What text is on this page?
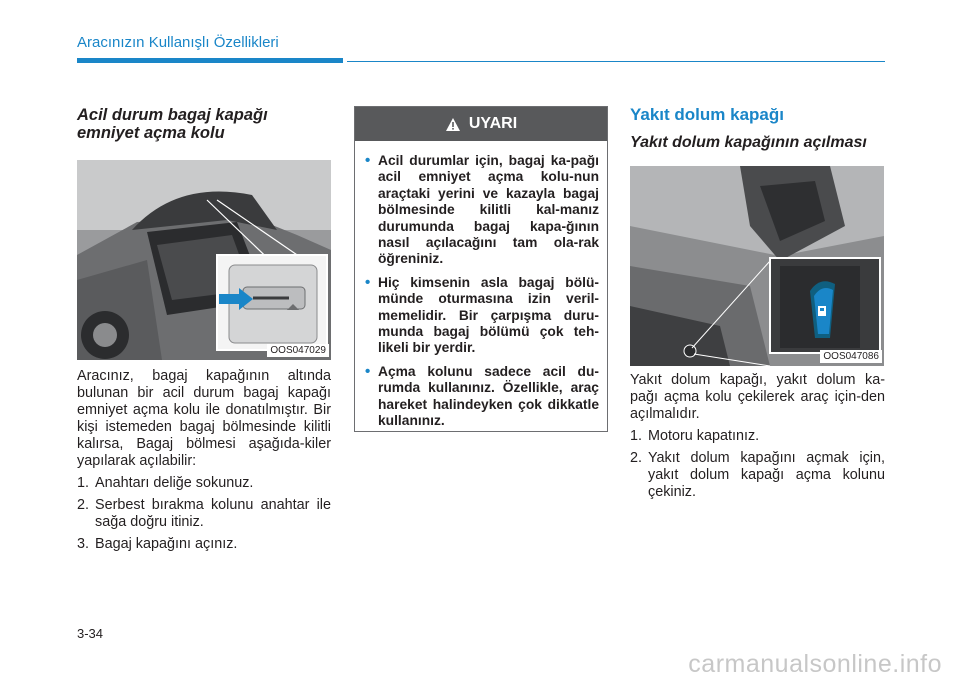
Aracınızın Kullanışlı Özellikleri
Acil durum bagaj kapağı
emniyet açma kolu
OOS047029

Aracınız, bagaj kapağının altında bulunan bir acil durum bagaj kapağı emniyet açma kolu ile donatılmıştır. Bir kişi istemeden bagaj bölmesinde kilitli kalırsa, Bagaj bölmesi aşağıda-kiler yapılarak açılabilir:

1. Anahtarı deliğe sokunuz.
2. Serbest bırakma kolunu anahtar ile sağa doğru itiniz.
3. Bagaj kapağını açınız.
UYARI
• Acil durumlar için, bagaj ka-pağı acil emniyet açma kolu-nun araçtaki yerini ve kazayla bagaj bölmesinde kilitli kal-manız durumunda bagaj kapa-ğının nasıl açılacağını tam ola-rak öğreniniz.
• Hiç kimsenin asla bagaj bölü-münde oturmasına izin veril-memelidir. Bir çarpışma duru-munda bagaj bölümü çok teh-likeli bir yerdir.
• Açma kolunu sadece acil du-rumda kullanınız. Özellikle, araç hareket halindeyken çok dikkatle kullanınız.
Yakıt dolum kapağı
Yakıt dolum kapağının açılması
OOS047086

Yakıt dolum kapağı, yakıt dolum ka-pağı açma kolu çekilerek araç için-den açılmalıdır.

1. Motoru kapatınız.
2. Yakıt dolum kapağını açmak için, yakıt dolum kapağı açma kolunu çekiniz.
3-34
carmanualsonline.info
